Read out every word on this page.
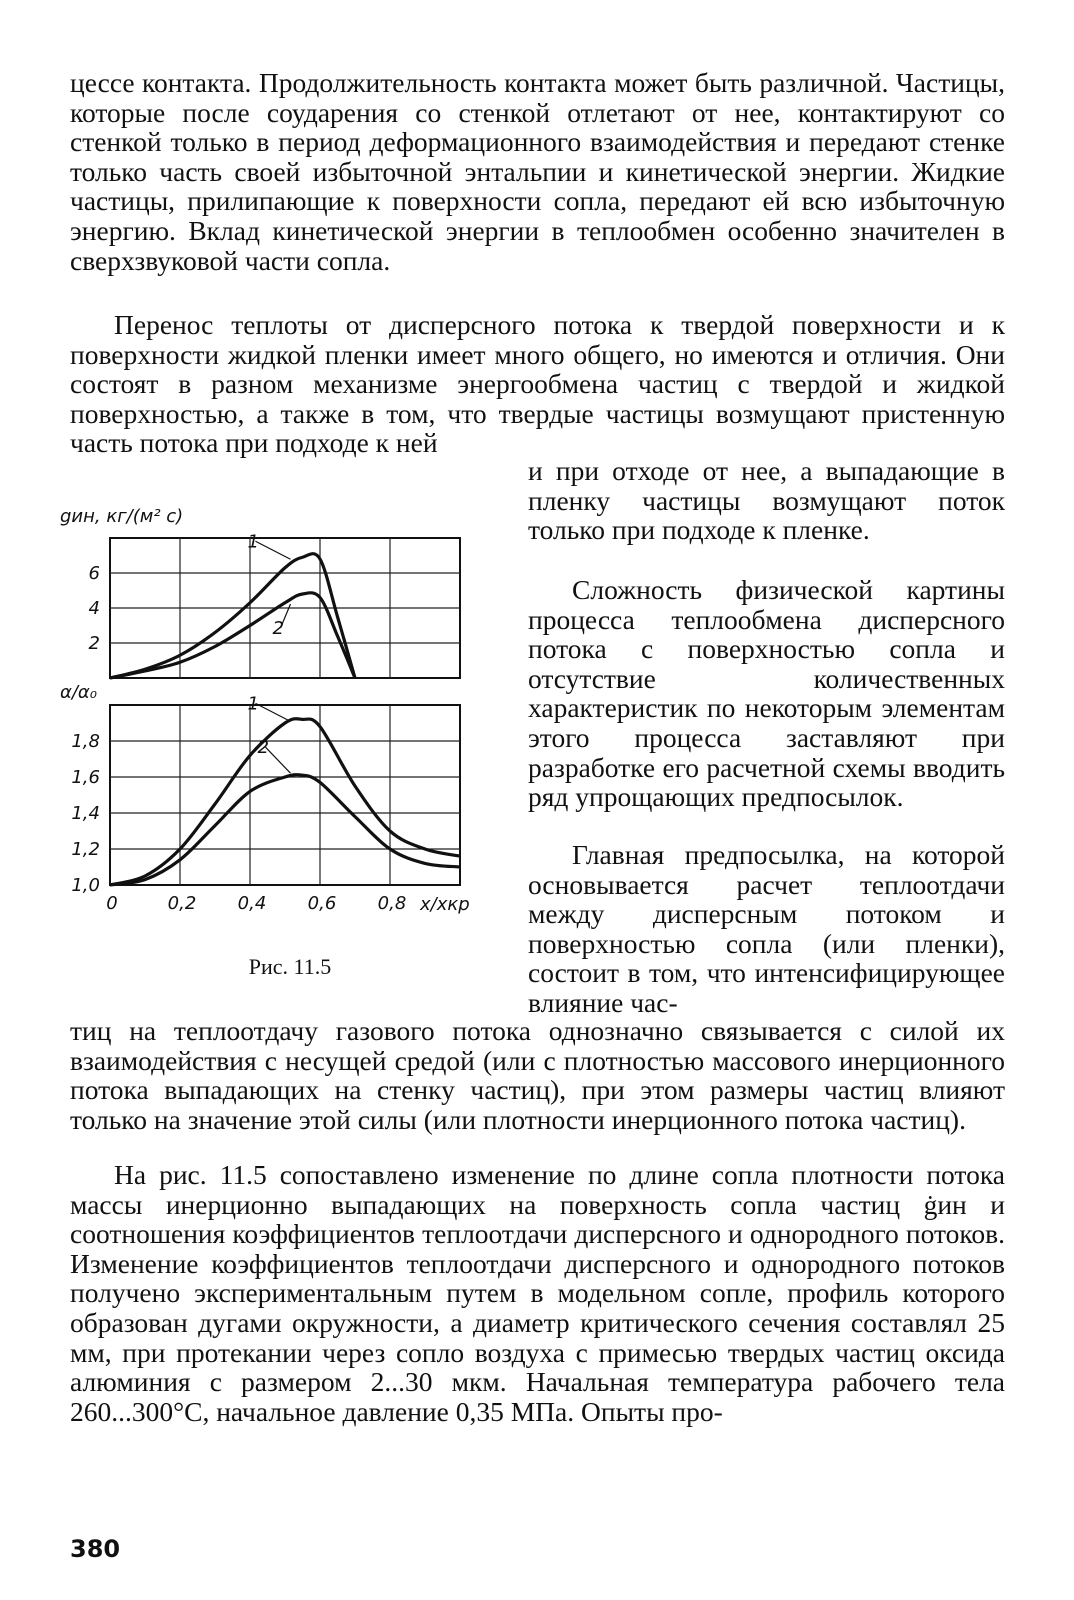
цессе контакта. Продолжительность контакта может быть различной. Частицы, которые после соударения со стенкой отлетают от нее, контактируют со стенкой только в период деформационного взаимодействия и передают стенке только часть своей избыточной энтальпии и кинетической энергии. Жидкие частицы, прилипающие к поверхности сопла, передают ей всю избыточную энергию. Вклад кинетической энергии в теплообмен особенно значителен в сверхзвуковой части сопла.

Перенос теплоты от дисперсного потока к твердой поверхности и к поверхности жидкой пленки имеет много общего, но имеются и отличия. Они состоят в разном механизме энергообмена частиц с твердой и жидкой поверхностью, а также в том, что твердые частицы возмущают пристенную часть потока при подходе к ней

и при отходе от нее, а выпадающие в пленку частицы возмущают поток только при подходе к пленке.

Сложность физической картины процесса теплообмена дисперсного потока с поверхностью сопла и отсутствие количественных характеристик по некоторым элементам этого процесса заставляют при разработке его расчетной схемы вводить ряд упрощающих предпосылок.

Главная предпосылка, на которой основывается расчет теплоотдачи между дисперсным потоком и поверхностью сопла (или пленки), состоит в том, что интенсифицирующее влияние час-

тиц на теплоотдачу газового потока однозначно связывается с силой их взаимодействия с несущей средой (или с плотностью массового инерционного потока выпадающих на стенку частиц), при этом размеры частиц влияют только на значение этой силы (или плотности инерционного потока частиц).

На рис. 11.5 сопоставлено изменение по длине сопла плотности потока массы инерционно выпадающих на поверхность сопла частиц ġин и соотношения коэффициентов теплоотдачи дисперсного и однородного потоков. Изменение коэффициентов теплоотдачи дисперсного и однородного потоков получено экспериментальным путем в модельном сопле, профиль которого образован дугами окружности, а диаметр критического сечения составлял 25 мм, при протекании через сопло воздуха с примесью твердых частиц оксида алюминия с размером 2...30 мкм. Начальная температура рабочего тела 260...300°С, начальное давление 0,35 МПа. Опыты про-

gин, кг/(м² с)
α/α₀
x/xкр
2
4
6
1,0
1,2
1,4
1,6
1,8
0	0,2 0,4 0,6 0,8
1
2
1
2
Рис. 11.5
380
